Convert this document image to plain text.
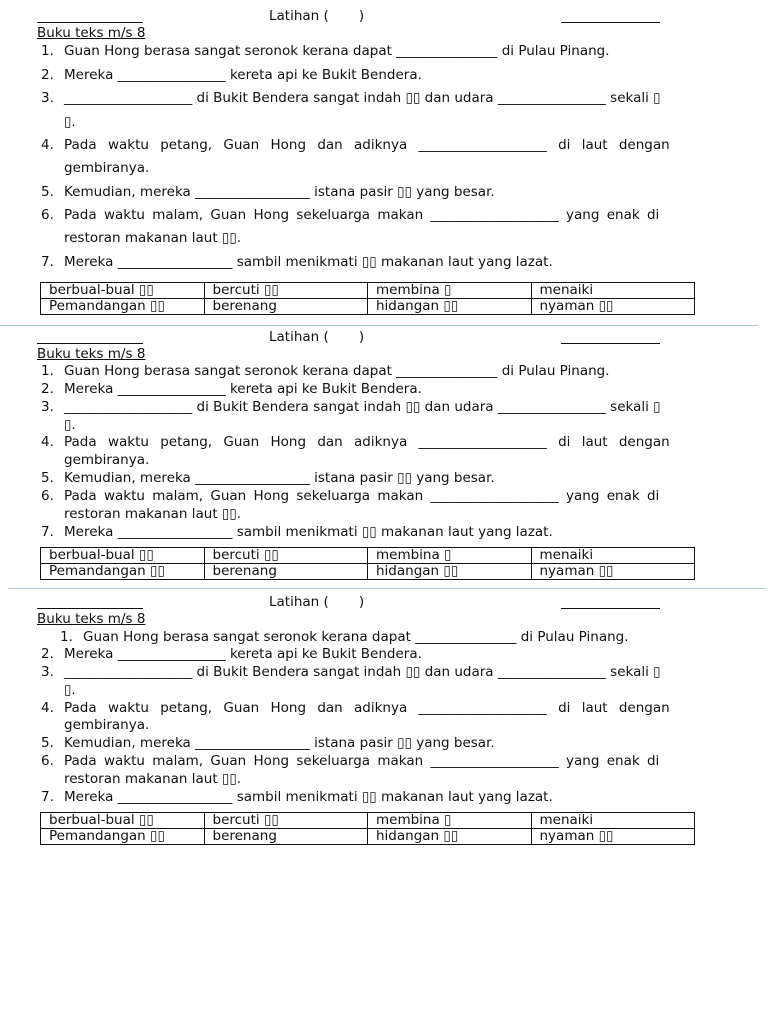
Latihan (       )
Buku teks m/s 8
1. Guan Hong berasa sangat seronok kerana dapat _______________ di Pulau Pinang.
2. Mereka ________________ kereta api ke Bukit Bendera.
3. ___________________ di Bukit Bendera sangat indah ▯▯ dan udara ________________ sekali ▯
▯.
4. Pada waktu petang, Guan Hong dan adiknya ___________________ di laut dengan
gembiranya.
5. Kemudian, mereka _________________ istana pasir ▯▯ yang besar.
6. Pada waktu malam, Guan Hong sekeluarga makan ___________________ yang enak di
restoran makanan laut ▯▯.
7. Mereka _________________ sambil menikmati ▯▯ makanan laut yang lazat.
berbual-bual ▯▯	bercuti ▯▯	membina ▯	menaiki
Pemandangan ▯▯	berenang	hidangan ▯▯	nyaman ▯▯
Latihan (       )
Buku teks m/s 8
1. Guan Hong berasa sangat seronok kerana dapat _______________ di Pulau Pinang.
2. Mereka ________________ kereta api ke Bukit Bendera.
3. ___________________ di Bukit Bendera sangat indah ▯▯ dan udara ________________ sekali ▯
▯.
4. Pada waktu petang, Guan Hong dan adiknya ___________________ di laut dengan
gembiranya.
5. Kemudian, mereka _________________ istana pasir ▯▯ yang besar.
6. Pada waktu malam, Guan Hong sekeluarga makan ___________________ yang enak di
restoran makanan laut ▯▯.
7. Mereka _________________ sambil menikmati ▯▯ makanan laut yang lazat.
berbual-bual ▯▯	bercuti ▯▯	membina ▯	menaiki
Pemandangan ▯▯	berenang	hidangan ▯▯	nyaman ▯▯
Latihan (       )
Buku teks m/s 8
1. Guan Hong berasa sangat seronok kerana dapat _______________ di Pulau Pinang.
2. Mereka ________________ kereta api ke Bukit Bendera.
3. ___________________ di Bukit Bendera sangat indah ▯▯ dan udara ________________ sekali ▯
▯.
4. Pada waktu petang, Guan Hong dan adiknya ___________________ di laut dengan
gembiranya.
5. Kemudian, mereka _________________ istana pasir ▯▯ yang besar.
6. Pada waktu malam, Guan Hong sekeluarga makan ___________________ yang enak di
restoran makanan laut ▯▯.
7. Mereka _________________ sambil menikmati ▯▯ makanan laut yang lazat.
berbual-bual ▯▯	bercuti ▯▯	membina ▯	menaiki
Pemandangan ▯▯	berenang	hidangan ▯▯	nyaman ▯▯
